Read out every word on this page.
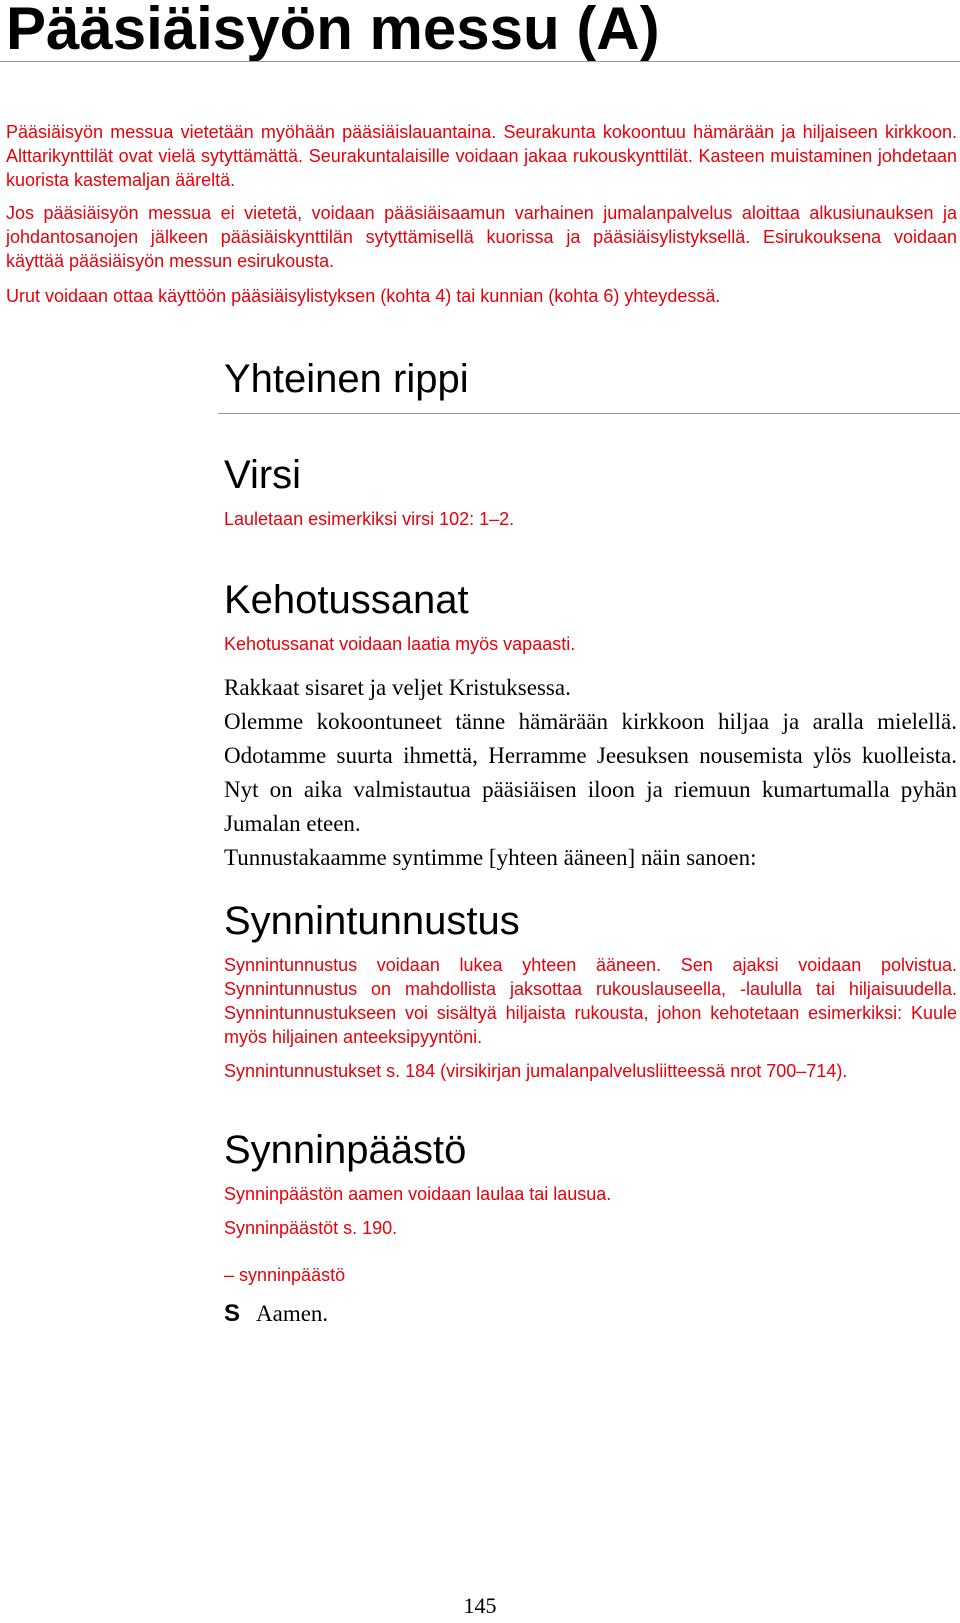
Pääsiäisyön messu (A)

Pääsiäisyön messua vietetään myöhään pääsiäislauantaina. Seurakunta kokoontuu hämärään ja hiljaiseen kirkkoon. Alttarikynttilät ovat vielä sytyttämättä. Seurakuntalaisille voidaan jakaa rukouskynttilät. Kasteen muistaminen johdetaan kuorista kastemaljan ääreltä.

Jos pääsiäisyön messua ei vietetä, voidaan pääsiäisaamun varhainen jumalanpalvelus aloittaa alkusiunauksen ja johdantosanojen jälkeen pääsiäiskynttilän sytyttämisellä kuorissa ja pääsiäisylistyksellä. Esirukouksena voidaan käyttää pääsiäisyön messun esirukousta.

Urut voidaan ottaa käyttöön pääsiäisylistyksen (kohta 4) tai kunnian (kohta 6) yhteydessä.

Yhteinen rippi
Virsi

Lauletaan esimerkiksi virsi 102: 1–2.

Kehotussanat

Kehotussanat voidaan laatia myös vapaasti.

Rakkaat sisaret ja veljet Kristuksessa.

Olemme kokoontuneet tänne hämärään kirkkoon hiljaa ja aralla mielellä. Odotamme suurta ihmettä, Herramme Jeesuksen nousemista ylös kuolleista. Nyt on aika valmistautua pääsiäisen iloon ja riemuun kumartumalla pyhän Jumalan eteen.

Tunnustakaamme syntimme [yhteen ääneen] näin sanoen:

Synnintunnustus

Synnintunnustus voidaan lukea yhteen ääneen. Sen ajaksi voidaan polvistua. Synnintunnustus on mahdollista jaksottaa rukouslauseella, -laululla tai hiljaisuudella. Synnintunnustukseen voi sisältyä hiljaista rukousta, johon kehotetaan esimerkiksi: Kuule myös hiljainen anteeksipyyntöni.

Synnintunnustukset s. 184 (virsikirjan jumalanpalvelusliitteessä nrot 700–714).

Synninpäästö

Synninpäästön aamen voidaan laulaa tai lausua.

Synninpäästöt s. 190.

– synninpäästö

S Aamen.
145
